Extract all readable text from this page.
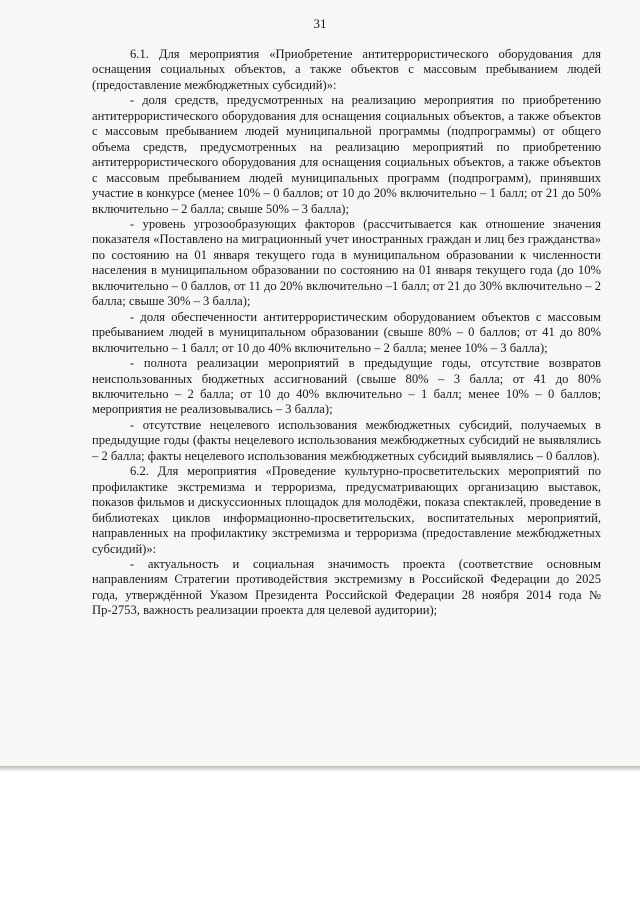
31

6.1. Для мероприятия «Приобретение антитеррористического оборудования для оснащения социальных объектов, а также объектов с массовым пребыванием людей (предоставление межбюджетных субсидий)»:

- доля средств, предусмотренных на реализацию мероприятия по приобретению антитеррористического оборудования для оснащения социальных объектов, а также объектов с массовым пребыванием людей муниципальной программы (подпрограммы) от общего объема средств, предусмотренных на реализацию мероприятий по приобретению антитеррористического оборудования для оснащения социальных объектов, а также объектов с массовым пребыванием людей муниципальных программ (подпрограмм), принявших участие в конкурсе (менее 10% – 0 баллов; от 10 до 20% включительно – 1 балл; от 21 до 50% включительно – 2 балла; свыше 50% – 3 балла);

- уровень угрозообразующих факторов (рассчитывается как отношение значения показателя «Поставлено на миграционный учет иностранных граждан и лиц без гражданства» по состоянию на 01 января текущего года в муниципальном образовании к численности населения в муниципальном образовании по состоянию на 01 января текущего года (до 10% включительно – 0 баллов, от 11 до 20% включительно –1 балл; от 21 до 30% включительно – 2 балла; свыше 30% – 3 балла);

- доля обеспеченности антитеррористическим оборудованием объектов с массовым пребыванием людей в муниципальном образовании (свыше 80% – 0 баллов; от 41 до 80% включительно – 1 балл; от 10 до 40% включительно – 2 балла; менее 10% – 3 балла);

- полнота реализации мероприятий в предыдущие годы, отсутствие возвратов неиспользованных бюджетных ассигнований (свыше 80% – 3 балла; от 41 до 80% включительно – 2 балла; от 10 до 40% включительно – 1 балл; менее 10% – 0 баллов; мероприятия не реализовывались – 3 балла);

- отсутствие нецелевого использования межбюджетных субсидий, получаемых в предыдущие годы (факты нецелевого использования межбюджетных субсидий не выявлялись – 2 балла; факты нецелевого использования межбюджетных субсидий выявлялись – 0 баллов).

6.2. Для мероприятия «Проведение культурно-просветительских мероприятий по профилактике экстремизма и терроризма, предусматривающих организацию выставок, показов фильмов и дискуссионных площадок для молодёжи, показа спектаклей, проведение в библиотеках циклов информационно-просветительских, воспитательных мероприятий, направленных на профилактику экстремизма и терроризма (предоставление межбюджетных субсидий)»:

- актуальность и социальная значимость проекта (соответствие основным направлениям Стратегии противодействия экстремизму в Российской Федерации до 2025 года, утверждённой Указом Президента Российской Федерации 28 ноября 2014 года № Пр-2753, важность реализации проекта для целевой аудитории);
